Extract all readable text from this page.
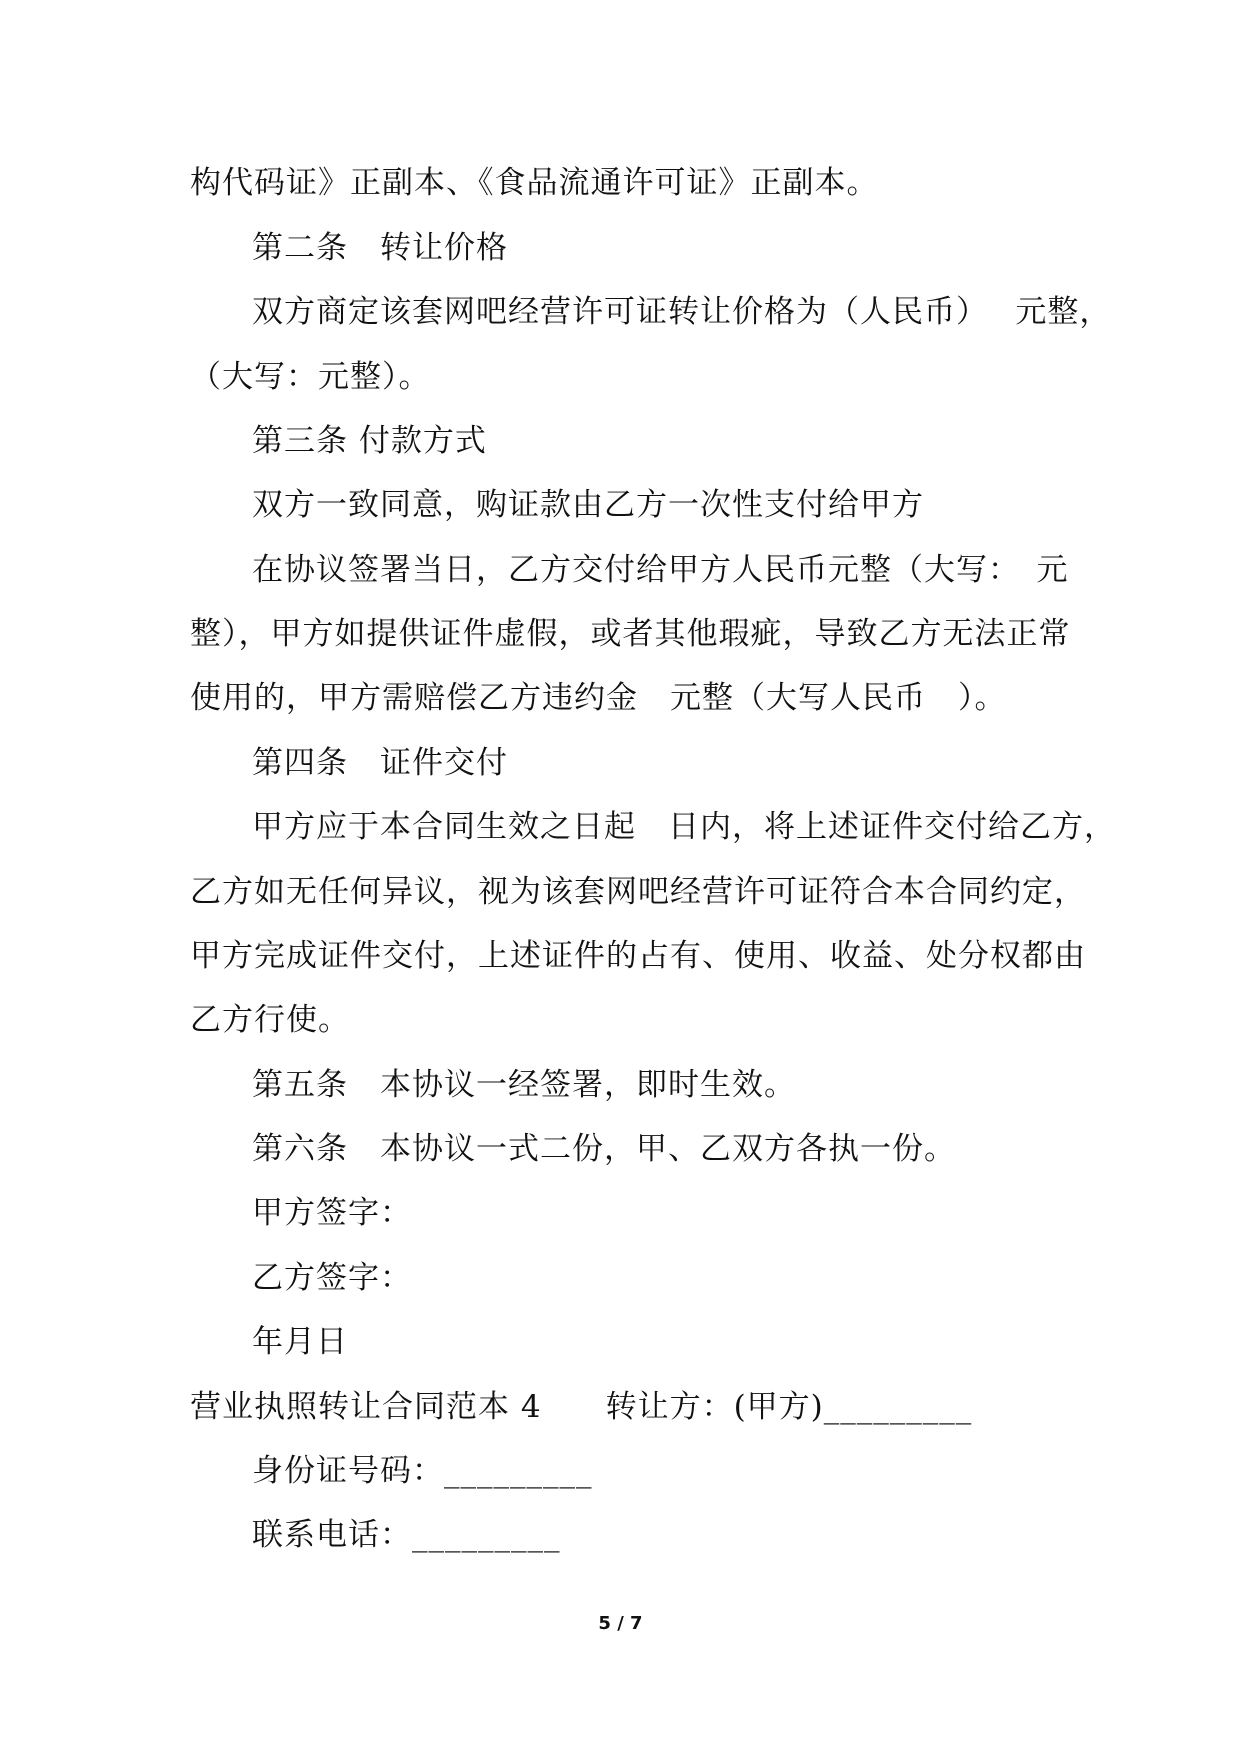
构代码证》正副本、《食品流通许可证》正副本。
第二条　转让价格
双方商定该套网吧经营许可证转让价格为（人民币）　 元整，
（大写：元整）。
第三条 付款方式
双方一致同意，购证款由乙方一次性支付给甲方
在协议签署当日，乙方交付给甲方人民币元整（大写：　元
整），甲方如提供证件虚假，或者其他瑕疵，导致乙方无法正常
使用的，甲方需赔偿乙方违约金　元整（大写人民币　）。
第四条　证件交付
甲方应于本合同生效之日起　日内，将上述证件交付给乙方，
乙方如无任何异议，视为该套网吧经营许可证符合本合同约定，
甲方完成证件交付，上述证件的占有、使用、收益、处分权都由
乙方行使。
第五条　本协议一经签署，即时生效。
第六条　本协议一式二份，甲、乙双方各执一份。
甲方签字：
乙方签字：
年月日
营业执照转让合同范本 4　　转让方：(甲方)_________
身份证号码：_________
联系电话：_________
5 / 7
